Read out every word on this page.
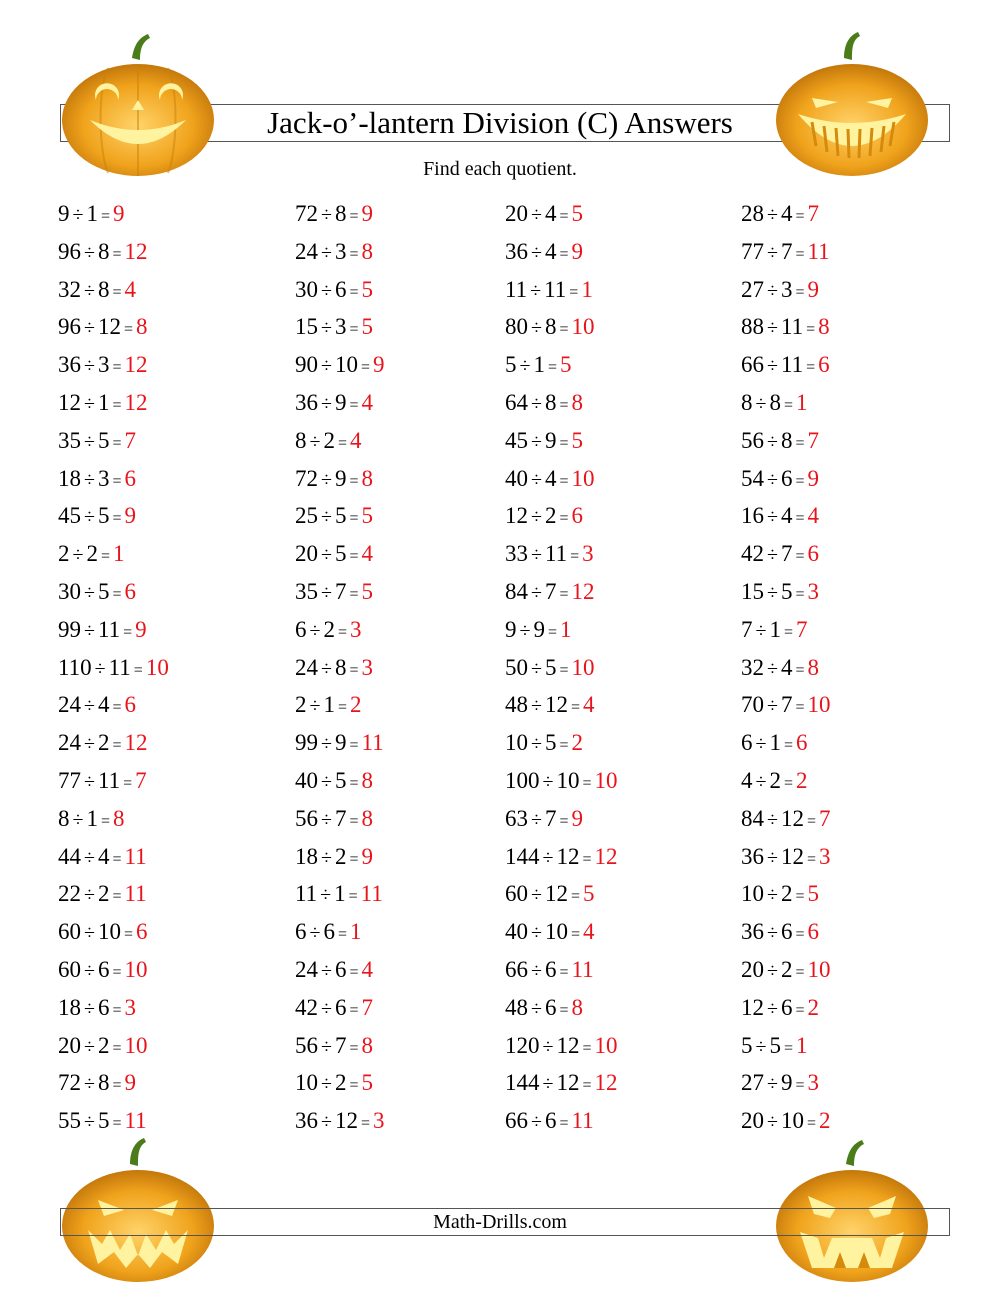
Jack-o’-lantern Division (C) Answers
Find each quotient.
9 ÷ 1 = 9
96 ÷ 8 = 12
32 ÷ 8 = 4
96 ÷ 12 = 8
36 ÷ 3 = 12
12 ÷ 1 = 12
35 ÷ 5 = 7
18 ÷ 3 = 6
45 ÷ 5 = 9
2 ÷ 2 = 1
30 ÷ 5 = 6
99 ÷ 11 = 9
110 ÷ 11 = 10
24 ÷ 4 = 6
24 ÷ 2 = 12
77 ÷ 11 = 7
8 ÷ 1 = 8
44 ÷ 4 = 11
22 ÷ 2 = 11
60 ÷ 10 = 6
60 ÷ 6 = 10
18 ÷ 6 = 3
20 ÷ 2 = 10
72 ÷ 8 = 9
55 ÷ 5 = 11
72 ÷ 8 = 9
24 ÷ 3 = 8
30 ÷ 6 = 5
15 ÷ 3 = 5
90 ÷ 10 = 9
36 ÷ 9 = 4
8 ÷ 2 = 4
72 ÷ 9 = 8
25 ÷ 5 = 5
20 ÷ 5 = 4
35 ÷ 7 = 5
6 ÷ 2 = 3
24 ÷ 8 = 3
2 ÷ 1 = 2
99 ÷ 9 = 11
40 ÷ 5 = 8
56 ÷ 7 = 8
18 ÷ 2 = 9
11 ÷ 1 = 11
6 ÷ 6 = 1
24 ÷ 6 = 4
42 ÷ 6 = 7
56 ÷ 7 = 8
10 ÷ 2 = 5
36 ÷ 12 = 3
20 ÷ 4 = 5
36 ÷ 4 = 9
11 ÷ 11 = 1
80 ÷ 8 = 10
5 ÷ 1 = 5
64 ÷ 8 = 8
45 ÷ 9 = 5
40 ÷ 4 = 10
12 ÷ 2 = 6
33 ÷ 11 = 3
84 ÷ 7 = 12
9 ÷ 9 = 1
50 ÷ 5 = 10
48 ÷ 12 = 4
10 ÷ 5 = 2
100 ÷ 10 = 10
63 ÷ 7 = 9
144 ÷ 12 = 12
60 ÷ 12 = 5
40 ÷ 10 = 4
66 ÷ 6 = 11
48 ÷ 6 = 8
120 ÷ 12 = 10
144 ÷ 12 = 12
66 ÷ 6 = 11
28 ÷ 4 = 7
77 ÷ 7 = 11
27 ÷ 3 = 9
88 ÷ 11 = 8
66 ÷ 11 = 6
8 ÷ 8 = 1
56 ÷ 8 = 7
54 ÷ 6 = 9
16 ÷ 4 = 4
42 ÷ 7 = 6
15 ÷ 5 = 3
7 ÷ 1 = 7
32 ÷ 4 = 8
70 ÷ 7 = 10
6 ÷ 1 = 6
4 ÷ 2 = 2
84 ÷ 12 = 7
36 ÷ 12 = 3
10 ÷ 2 = 5
36 ÷ 6 = 6
20 ÷ 2 = 10
12 ÷ 6 = 2
5 ÷ 5 = 1
27 ÷ 9 = 3
20 ÷ 10 = 2
Math-Drills.com
